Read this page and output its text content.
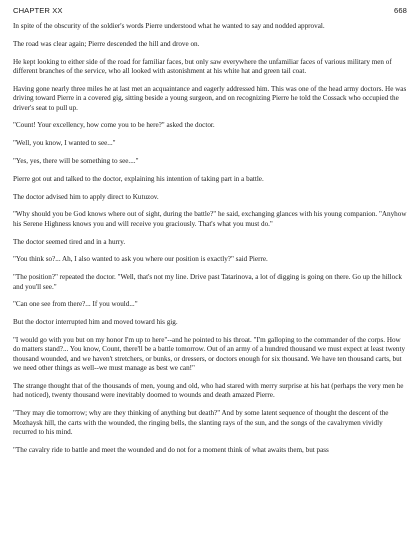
CHAPTER XX	668

In spite of the obscurity of the soldier's words Pierre understood what he wanted to say and nodded approval.

The road was clear again; Pierre descended the hill and drove on.

He kept looking to either side of the road for familiar faces, but only saw everywhere the unfamiliar faces of various military men of different branches of the service, who all looked with astonishment at his white hat and green tail coat.

Having gone nearly three miles he at last met an acquaintance and eagerly addressed him. This was one of the head army doctors. He was driving toward Pierre in a covered gig, sitting beside a young surgeon, and on recognizing Pierre he told the Cossack who occupied the driver's seat to pull up.

"Count! Your excellency, how come you to be here?" asked the doctor.

"Well, you know, I wanted to see..."

"Yes, yes, there will be something to see...."

Pierre got out and talked to the doctor, explaining his intention of taking part in a battle.

The doctor advised him to apply direct to Kutuzov.

"Why should you be God knows where out of sight, during the battle?" he said, exchanging glances with his young companion. "Anyhow his Serene Highness knows you and will receive you graciously. That's what you must do."

The doctor seemed tired and in a hurry.

"You think so?... Ah, I also wanted to ask you where our position is exactly?" said Pierre.

"The position?" repeated the doctor. "Well, that's not my line. Drive past Tatarinova, a lot of digging is going on there. Go up the hillock and you'll see."

"Can one see from there?... If you would..."

But the doctor interrupted him and moved toward his gig.

"I would go with you but on my honor I'm up to here"--and he pointed to his throat. "I'm galloping to the commander of the corps. How do matters stand?... You know, Count, there'll be a battle tomorrow. Out of an army of a hundred thousand we must expect at least twenty thousand wounded, and we haven't stretchers, or bunks, or dressers, or doctors enough for six thousand. We have ten thousand carts, but we need other things as well--we must manage as best we can!"

The strange thought that of the thousands of men, young and old, who had stared with merry surprise at his hat (perhaps the very men he had noticed), twenty thousand were inevitably doomed to wounds and death amazed Pierre.

"They may die tomorrow; why are they thinking of anything but death?" And by some latent sequence of thought the descent of the Mozhaysk hill, the carts with the wounded, the ringing bells, the slanting rays of the sun, and the songs of the cavalrymen vividly recurred to his mind.

"The cavalry ride to battle and meet the wounded and do not for a moment think of what awaits them, but pass
